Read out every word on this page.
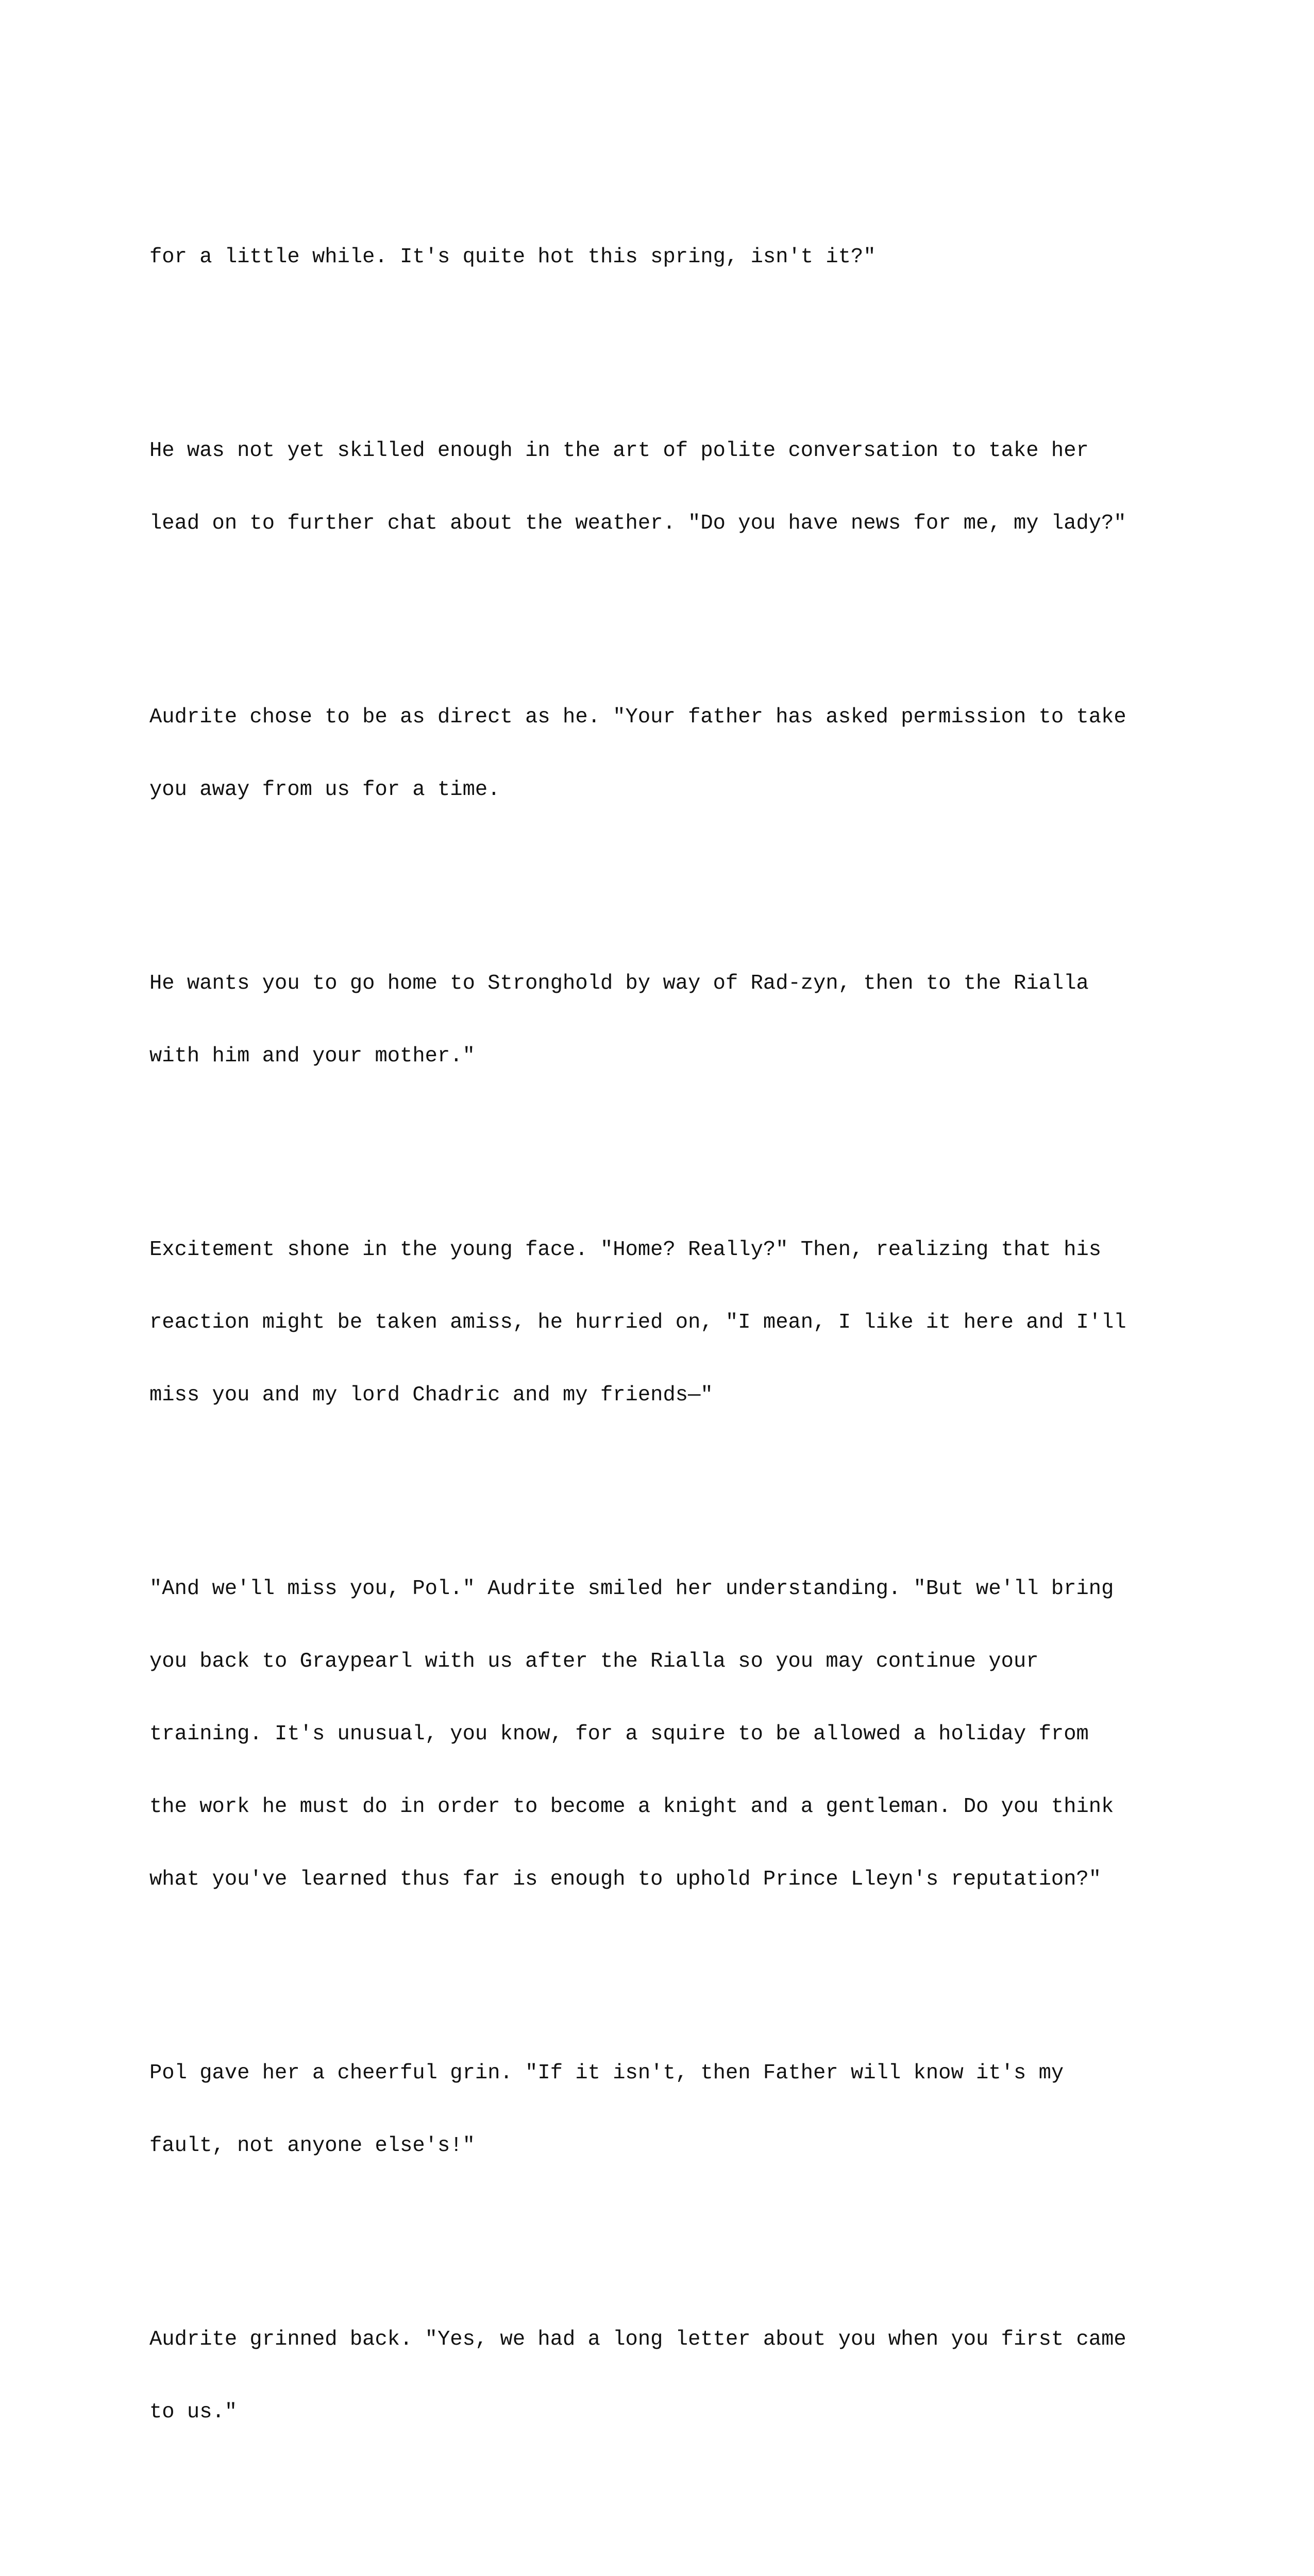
for a little while. It's quite hot this spring, isn't it?"

He was not yet skilled enough in the art of polite conversation to take her

lead on to further chat about the weather. "Do you have news for me, my lady?"

Audrite chose to be as direct as he. "Your father has asked permission to take

you away from us for a time.

He wants you to go home to Stronghold by way of Rad-zyn, then to the Rialla

with him and your mother."

Excitement shone in the young face. "Home? Really?" Then, realizing that his

reaction might be taken amiss, he hurried on, "I mean, I like it here and I'll

miss you and my lord Chadric and my friends—"

"And we'll miss you, Pol." Audrite smiled her understanding. "But we'll bring

you back to Graypearl with us after the Rialla so you may continue your

training. It's unusual, you know, for a squire to be allowed a holiday from

the work he must do in order to become a knight and a gentleman. Do you think

what you've learned thus far is enough to uphold Prince Lleyn's reputation?"

Pol gave her a cheerful grin. "If it isn't, then Father will know it's my

fault, not anyone else's!"

Audrite grinned back. "Yes, we had a long letter about you when you first came

to us."
